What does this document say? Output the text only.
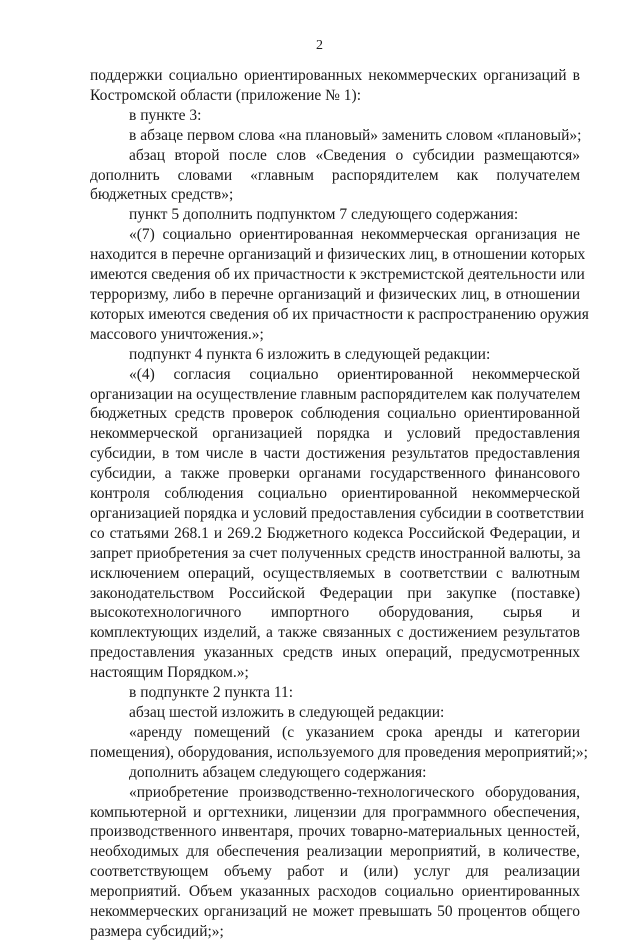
2
поддержки социально ориентированных некоммерческих организаций в
Костромской области (приложение № 1):
в пункте 3:
в абзаце первом слова «на плановый» заменить словом «плановый»;
абзац второй после слов «Сведения о субсидии размещаются»
дополнить словами «главным распорядителем как получателем
бюджетных средств»;
пункт 5 дополнить подпунктом 7 следующего содержания:
«(7) социально ориентированная некоммерческая организация не
находится в перечне организаций и физических лиц, в отношении которых
имеются сведения об их причастности к экстремистской деятельности или
терроризму, либо в перечне организаций и физических лиц, в отношении
которых имеются сведения об их причастности к распространению оружия
массового уничтожения.»;
подпункт 4 пункта 6 изложить в следующей редакции:
«(4) согласия социально ориентированной некоммерческой
организации на осуществление главным распорядителем как получателем
бюджетных средств проверок соблюдения социально ориентированной
некоммерческой организацией порядка и условий предоставления
субсидии, в том числе в части достижения результатов предоставления
субсидии, а также проверки органами государственного финансового
контроля соблюдения социально ориентированной некоммерческой
организацией порядка и условий предоставления субсидии в соответствии
со статьями 268.1 и 269.2 Бюджетного кодекса Российской Федерации, и
запрет приобретения за счет полученных средств иностранной валюты, за
исключением операций, осуществляемых в соответствии с валютным
законодательством Российской Федерации при закупке (поставке)
высокотехнологичного импортного оборудования, сырья и
комплектующих изделий, а также связанных с достижением результатов
предоставления указанных средств иных операций, предусмотренных
настоящим Порядком.»;
в подпункте 2 пункта 11:
абзац шестой изложить в следующей редакции:
«аренду помещений (с указанием срока аренды и категории
помещения), оборудования, используемого для проведения мероприятий;»;
дополнить абзацем следующего содержания:
«приобретение производственно-технологического оборудования,
компьютерной и оргтехники, лицензии для программного обеспечения,
производственного инвентаря, прочих товарно-материальных ценностей,
необходимых для обеспечения реализации мероприятий, в количестве,
соответствующем объему работ и (или) услуг для реализации
мероприятий. Объем указанных расходов социально ориентированных
некоммерческих организаций не может превышать 50 процентов общего
размера субсидий;»;
